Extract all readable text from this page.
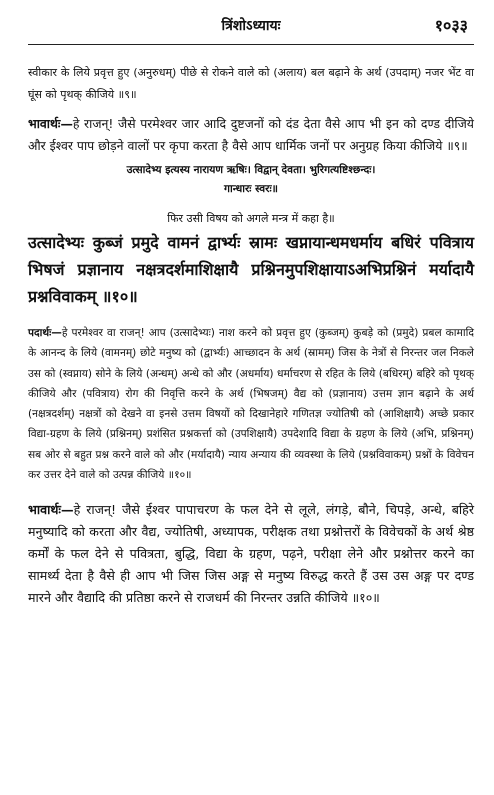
त्रिंशोऽध्यायः	१०३३

स्वीकार के लिये प्रवृत्त हुए (अनुरुधम्) पीछे से रोकने वाले को (अलाय) बल बढ़ाने के अर्थ (उपदाम्) नजर भेंट वा घूंस को पृथक् कीजिये ॥९॥

भावार्थः—हे राजन्! जैसे परमेश्वर जार आदि दुष्टजनों को दंड देता वैसे आप भी इन को दण्ड दीजिये और ईश्वर पाप छोड़ने वालों पर कृपा करता है वैसे आप धार्मिक जनों पर अनुग्रह किया कीजिये ॥९॥

उत्सादेभ्य इत्यस्य नारायण ऋषिः। विद्वान् देवता। भुरिगत्यष्टिश्छन्दः।
गान्धारः स्वरः॥
फिर उसी विषय को अगले मन्त्र में कहा है॥

उत्सादेभ्यः कुब्जं प्रमुदे वामनं द्वार्भ्यः स्रामः खप्नायान्धमधर्माय बधिरं पवित्राय भिषजं प्रज्ञानाय नक्षत्रदर्शमाशिक्षायै प्रश्निनमुपशिक्षायाऽअभिप्रश्निनं मर्यादायै प्रश्नविवाकम् ॥१०॥

पदार्थः—हे परमेश्वर वा राजन्! आप (उत्सादेभ्यः) नाश करने को प्रवृत्त हुए (कुब्जम्) कुबड़े को (प्रमुदे) प्रबल कामादि के आनन्द के लिये (वामनम्) छोटे मनुष्य को (द्वार्भ्यः) आच्छादन के अर्थ (स्रामम्) जिस के नेत्रों से निरन्तर जल निकले उस को (स्वप्नाय) सोने के लिये (अन्धम्) अन्धे को और (अधर्माय) धर्माचरण से रहित के लिये (बधिरम्) बहिरे को पृथक् कीजिये और (पवित्राय) रोग की निवृत्ति करने के अर्थ (भिषजम्) वैद्य को (प्रज्ञानाय) उत्तम ज्ञान बढ़ाने के अर्थ (नक्षत्रदर्शम्) नक्षत्रों को देखने वा इनसे उत्तम विषयों को दिखानेहारे गणितज्ञ ज्योतिषी को (आशिक्षायै) अच्छे प्रकार विद्या-ग्रहण के लिये (प्रश्निनम्) प्रशंसित प्रश्नकर्त्ता को (उपशिक्षायै) उपदेशादि विद्या के ग्रहण के लिये (अभि, प्रश्निनम्) सब ओर से बहुत प्रश्न करने वाले को और (मर्यादायै) न्याय अन्याय की व्यवस्था के लिये (प्रश्नविवाकम्) प्रश्नों के विवेचन कर उत्तर देने वाले को उत्पन्न कीजिये ॥१०॥

भावार्थः—हे राजन्! जैसे ईश्वर पापाचरण के फल देने से लूले, लंगड़े, बौने, चिपड़े, अन्धे, बहिरे मनुष्यादि को करता और वैद्य, ज्योतिषी, अध्यापक, परीक्षक तथा प्रश्नोत्तरों के विवेचकों के अर्थ श्रेष्ठ कर्मों के फल देने से पवित्रता, बुद्धि, विद्या के ग्रहण, पढ़ने, परीक्षा लेने और प्रश्नोत्तर करने का सामर्थ्य देता है वैसे ही आप भी जिस जिस अङ्ग से मनुष्य विरुद्ध करते हैं उस उस अङ्ग पर दण्ड मारने और वैद्यादि की प्रतिष्ठा करने से राजधर्म की निरन्तर उन्नति कीजिये ॥१०॥
